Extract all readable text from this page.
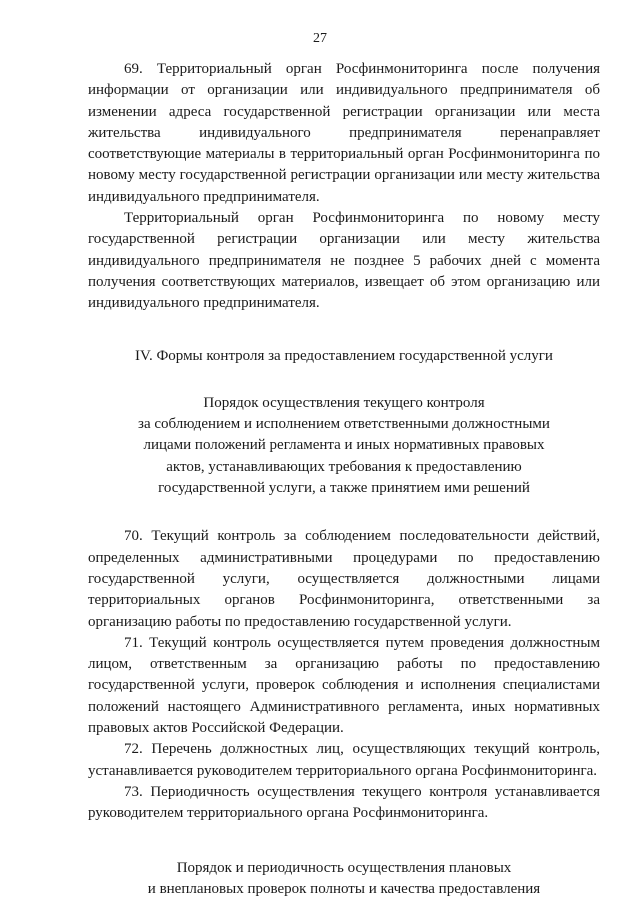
27

69. Территориальный орган Росфинмониторинга после получения информации от организации или индивидуального предпринимателя об изменении адреса государственной регистрации организации или места жительства индивидуального предпринимателя перенаправляет соответствующие материалы в территориальный орган Росфинмониторинга по новому месту государственной регистрации организации или месту жительства индивидуального предпринимателя.

Территориальный орган Росфинмониторинга по новому месту государственной регистрации организации или месту жительства индивидуального предпринимателя не позднее 5 рабочих дней с момента получения соответствующих материалов, извещает об этом организацию или индивидуального предпринимателя.

IV. Формы контроля за предоставлением государственной услуги
Порядок осуществления текущего контроля
за соблюдением и исполнением ответственными должностными
лицами положений регламента и иных нормативных правовых
актов, устанавливающих требования к предоставлению
государственной услуги, а также принятием ими решений

70. Текущий контроль за соблюдением последовательности действий, определенных административными процедурами по предоставлению государственной услуги, осуществляется должностными лицами территориальных органов Росфинмониторинга, ответственными за организацию работы по предоставлению государственной услуги.

71. Текущий контроль осуществляется путем проведения должностным лицом, ответственным за организацию работы по предоставлению государственной услуги, проверок соблюдения и исполнения специалистами положений настоящего Административного регламента, иных нормативных правовых актов Российской Федерации.

72. Перечень должностных лиц, осуществляющих текущий контроль, устанавливается руководителем территориального органа Росфинмониторинга.

73. Периодичность осуществления текущего контроля устанавливается руководителем территориального органа Росфинмониторинга.

Порядок и периодичность осуществления плановых
и внеплановых проверок полноты и качества предоставления
